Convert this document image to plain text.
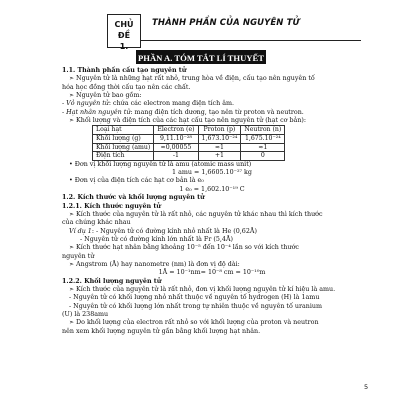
CHỦ ĐỀ
1.
THÀNH PHẦN CỦA NGUYÊN TỬ
PHẦN A. TÓM TẮT LÍ THUYẾT
1.1. Thành phần cấu tạo nguyên tử
➣ Nguyên tử là những hạt rất nhỏ, trung hòa về điện, cấu tạo nên nguyên tố
hóa học đồng thời cấu tạo nên các chất.
➣ Nguyên tử bao gồm:
- Vỏ nguyên tử: chứa các electron mang điện tích âm.
- Hạt nhân nguyên tử: mang điện tích dương, tạo nên từ proton và neutron.
➣ Khối lượng và điện tích của các hạt cấu tạo nên nguyên tử (hạt cơ bản):
Loại hạt	Electron (e)	Proton (p)	Neutron (n)
Khối lượng (g)	9,11.10⁻²⁸	1,673.10⁻²⁴	1,675.10⁻²⁴
Khối lượng (amu)	≈0,00055	≈1	≈1
Điện tích	-1	+1	0
• Đơn vị khối lượng nguyên tử là amu (atomic mass unit)
1 amu = 1,6605.10⁻²⁷ kg
• Đơn vị của điện tích các hạt cơ bản là e₀
1 e₀ = 1,602.10⁻¹⁹ C
1.2. Kích thước và khối lượng nguyên tử
1.2.1. Kích thước nguyên tử
➣ Kích thước của nguyên tử là rất nhỏ, các nguyên tử khác nhau thì kích thước
của chúng khác nhau
Ví dụ 1: - Nguyên tử có đường kính nhỏ nhất là He (0,62Å)
- Nguyên tử có đường kính lớn nhất là Fr (5,4Å)
➣ Kích thước hạt nhân bằng khoảng 10⁻⁵ đến 10⁻⁴ lần so với kích thước
nguyên tử
➣ Angstrom (Å) hay nanometre (nm) là đơn vị độ dài:
1Å = 10⁻¹nm= 10⁻⁸ cm = 10⁻¹⁰m
1.2.2. Khối lượng nguyên tử
➣ Kích thước của nguyên tử là rất nhỏ, đơn vị khối lượng nguyên tử kí hiệu là amu.
- Nguyên tử có khối lượng nhỏ nhất thuộc về nguyên tố hydrogen (H) là 1amu
- Nguyên tử có khối lượng lớn nhất trong tự nhiên thuộc về nguyên tố uranium
(U) là 238amu
➣ Do khối lượng của electron rất nhỏ so với khối lượng của proton và neutron
nên xem khối lượng nguyên tử gần bằng khối lượng hạt nhân.
5
